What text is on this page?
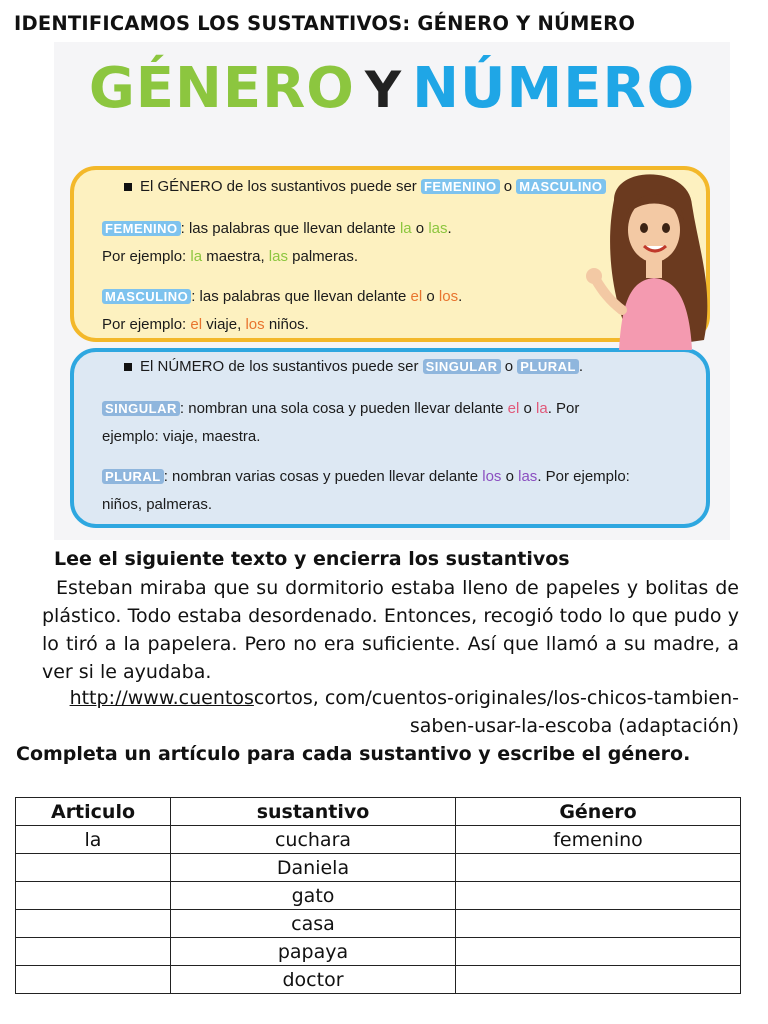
IDENTIFICAMOS LOS SUSTANTIVOS: GÉNERO Y NÚMERO
GÉNERO Y NÚMERO
El GÉNERO de los sustantivos puede ser FEMENINO o MASCULINO
FEMENINO : las palabras que llevan delante la o las.
Por ejemplo: la maestra, las palmeras.
MASCULINO : las palabras que llevan delante el o los.
Por ejemplo: el viaje, los niños.
El NÚMERO de los sustantivos puede ser SINGULAR o PLURAL .
SINGULAR : nombran una sola cosa y pueden llevar delante el o la. Por
ejemplo: viaje, maestra.
PLURAL : nombran varias cosas y pueden llevar delante los o las. Por ejemplo:
niños, palmeras.
Lee el siguiente texto y encierra los sustantivos
Esteban miraba que su dormitorio estaba lleno de papeles y bolitas de plástico. Todo estaba desordenado. Entonces, recogió todo lo que pudo y lo tiró a la papelera. Pero no era suficiente. Así que llamó a su madre, a ver si le ayudaba.
http://www.cuentoscortos, com/cuentos-originales/los-chicos-tambien-saben-usar-la-escoba (adaptación)
Completa un artículo para cada sustantivo y escribe el género.
Articulo	sustantivo	Género
la	cuchara	femenino
	Daniela	
	gato	
	casa	
	papaya	
	doctor	
